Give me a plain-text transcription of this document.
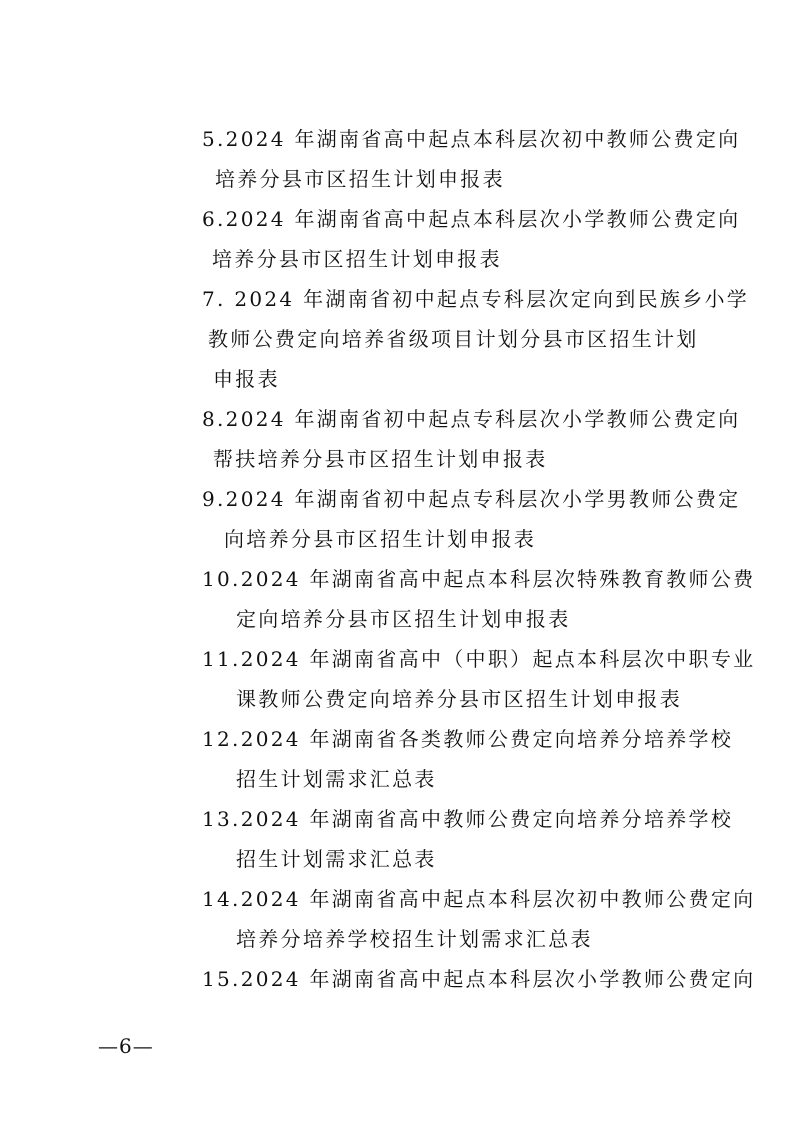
5.2024 年湖南省高中起点本科层次初中教师公费定向
培养分县市区招生计划申报表
6.2024 年湖南省高中起点本科层次小学教师公费定向
培养分县市区招生计划申报表
7. 2024 年湖南省初中起点专科层次定向到民族乡小学
教师公费定向培养省级项目计划分县市区招生计划
申报表
8.2024 年湖南省初中起点专科层次小学教师公费定向
帮扶培养分县市区招生计划申报表
9.2024 年湖南省初中起点专科层次小学男教师公费定
向培养分县市区招生计划申报表
10.2024 年湖南省高中起点本科层次特殊教育教师公费
定向培养分县市区招生计划申报表
11.2024 年湖南省高中（中职）起点本科层次中职专业
课教师公费定向培养分县市区招生计划申报表
12.2024 年湖南省各类教师公费定向培养分培养学校
招生计划需求汇总表
13.2024 年湖南省高中教师公费定向培养分培养学校
招生计划需求汇总表
14.2024 年湖南省高中起点本科层次初中教师公费定向
培养分培养学校招生计划需求汇总表
15.2024 年湖南省高中起点本科层次小学教师公费定向
—6—
